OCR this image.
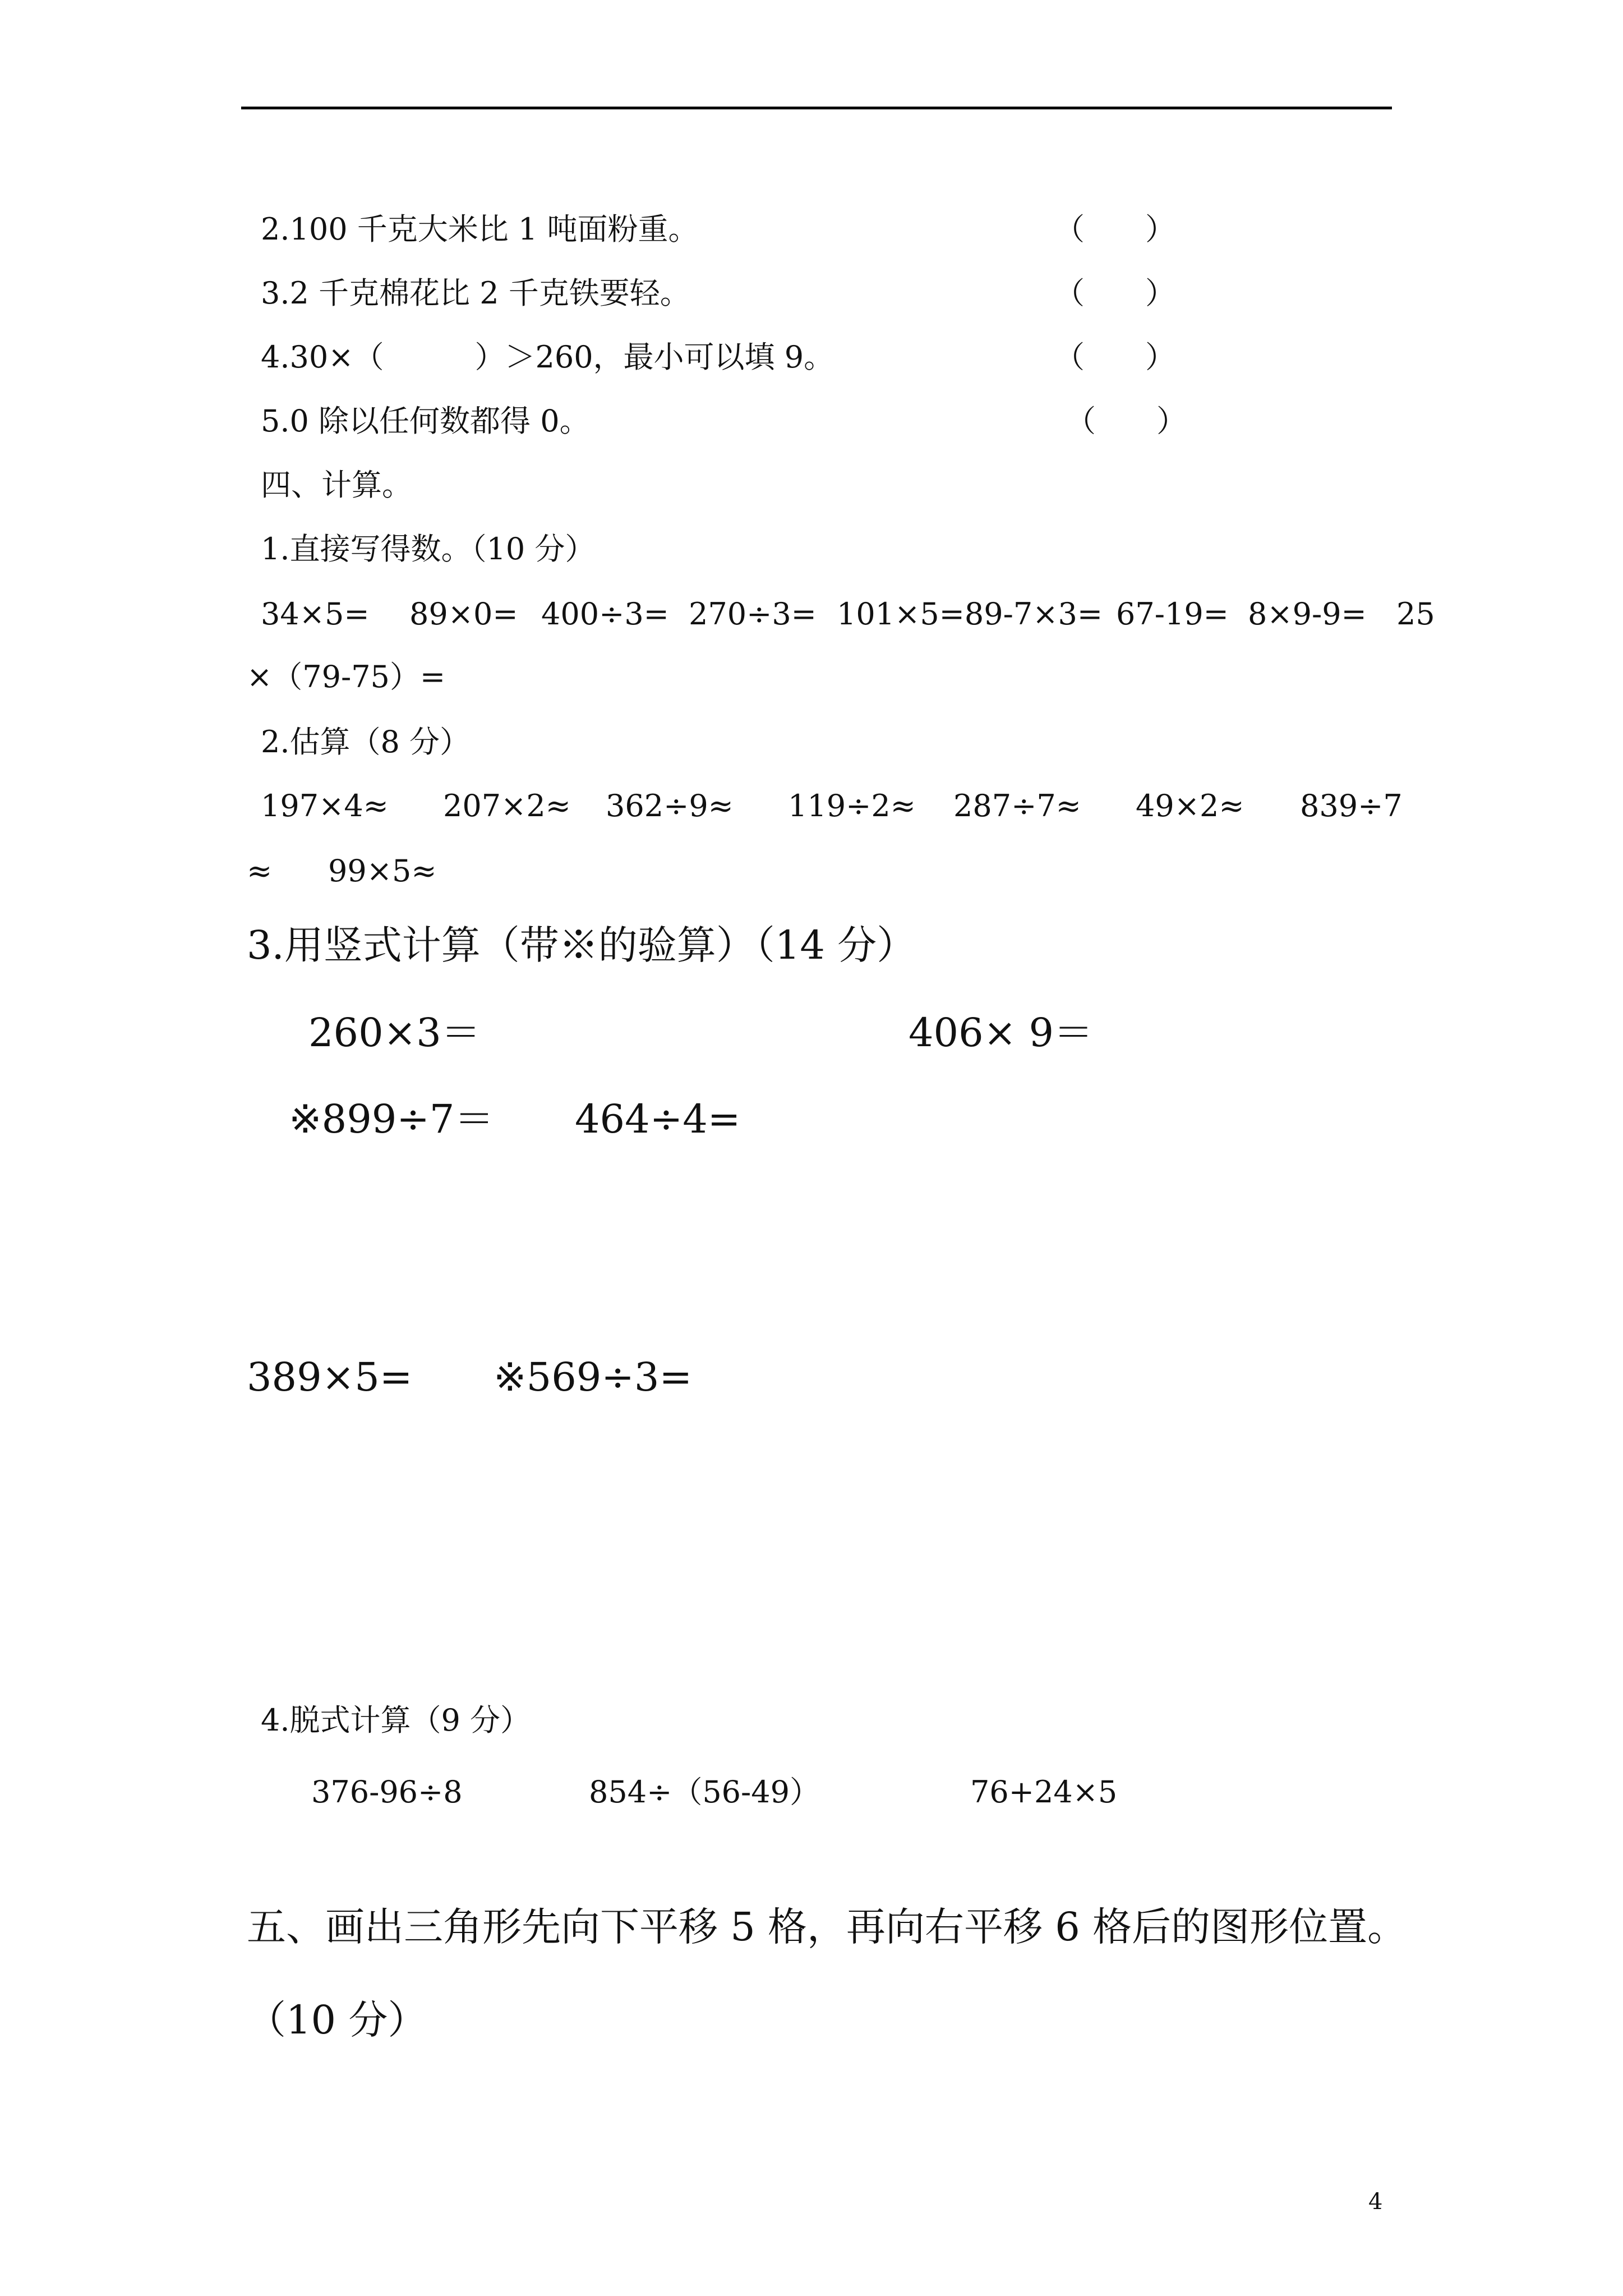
2.100 千克大米比 1 吨面粉重。	（　　）
3.2 千克棉花比 2 千克铁要轻。	（　　）
4.30×（　　　）＞260，最小可以填 9。	（　　）
5.0 除以任何数都得 0。	（　　）
四、计算。
1.直接写得数。（10 分）
34×5= 89×0= 400÷3= 270÷3= 101×5=89-7×3= 67-19= 8×9-9= 25
×（79-75）=
2.估算（8 分）
197×4≈ 207×2≈ 362÷9≈ 119÷2≈ 287÷7≈ 49×2≈ 839÷7
≈ 99×5≈
3.用竖式计算（带※的验算）（14 分）
260×3＝	406× 9＝
※899÷7＝ 464÷4=
389×5= ※569÷3=
4.脱式计算（9 分）
376-96÷8	854÷（56-49）	76+24×5
五、画出三角形先向下平移 5 格，再向右平移 6 格后的图形位置。
（10 分）
4
